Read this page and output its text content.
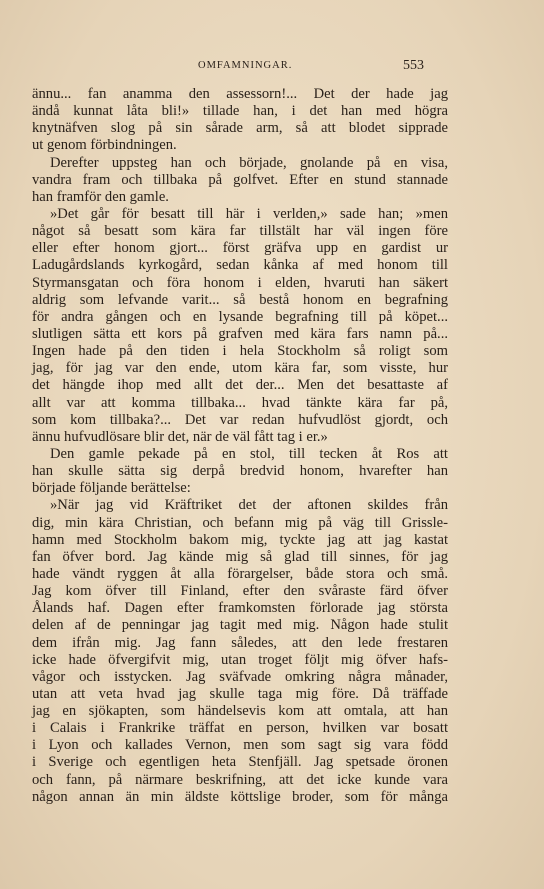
OMFAMNINGAR.	553
ännu... fan anamma den assessorn!... Det der hade jag
ändå kunnat låta bli!» tillade han, i det han med högra
knytnäfven slog på sin sårade arm, så att blodet sipprade
ut genom förbindningen.
Derefter uppsteg han och började, gnolande på en visa,
vandra fram och tillbaka på golfvet. Efter en stund stannade
han framför den gamle.
»Det går för besatt till här i verlden,» sade han; »men
något så besatt som kära far tillstält har väl ingen före
eller efter honom gjort... först gräfva upp en gardist ur
Ladugårdslands kyrkogård, sedan kånka af med honom till
Styrmansgatan och föra honom i elden, hvaruti han säkert
aldrig som lefvande varit... så bestå honom en begrafning
för andra gången och en lysande begrafning till på köpet...
slutligen sätta ett kors på grafven med kära fars namn på...
Ingen hade på den tiden i hela Stockholm så roligt som
jag, för jag var den ende, utom kära far, som visste, hur
det hängde ihop med allt det der... Men det besattaste af
allt var att komma tillbaka... hvad tänkte kära far på,
som kom tillbaka?... Det var redan hufvudlöst gjordt, och
ännu hufvudlösare blir det, när de väl fått tag i er.»
Den gamle pekade på en stol, till tecken åt Ros att
han skulle sätta sig derpå bredvid honom, hvarefter han
började följande berättelse:
»När jag vid Kräftriket det der aftonen skildes från
dig, min kära Christian, och befann mig på väg till Grissle-
hamn med Stockholm bakom mig, tyckte jag att jag kastat
fan öfver bord. Jag kände mig så glad till sinnes, för jag
hade vändt ryggen åt alla förargelser, både stora och små.
Jag kom öfver till Finland, efter den svåraste färd öfver
Ålands haf. Dagen efter framkomsten förlorade jag största
delen af de penningar jag tagit med mig. Någon hade stulit
dem ifrån mig. Jag fann således, att den lede frestaren
icke hade öfvergifvit mig, utan troget följt mig öfver hafs-
vågor och isstycken. Jag sväfvade omkring några månader,
utan att veta hvad jag skulle taga mig före. Då träffade
jag en sjökapten, som händelsevis kom att omtala, att han
i Calais i Frankrike träffat en person, hvilken var bosatt
i Lyon och kallades Vernon, men som sagt sig vara född
i Sverige och egentligen heta Stenfjäll. Jag spetsade öronen
och fann, på närmare beskrifning, att det icke kunde vara
någon annan än min äldste köttslige broder, som för många
